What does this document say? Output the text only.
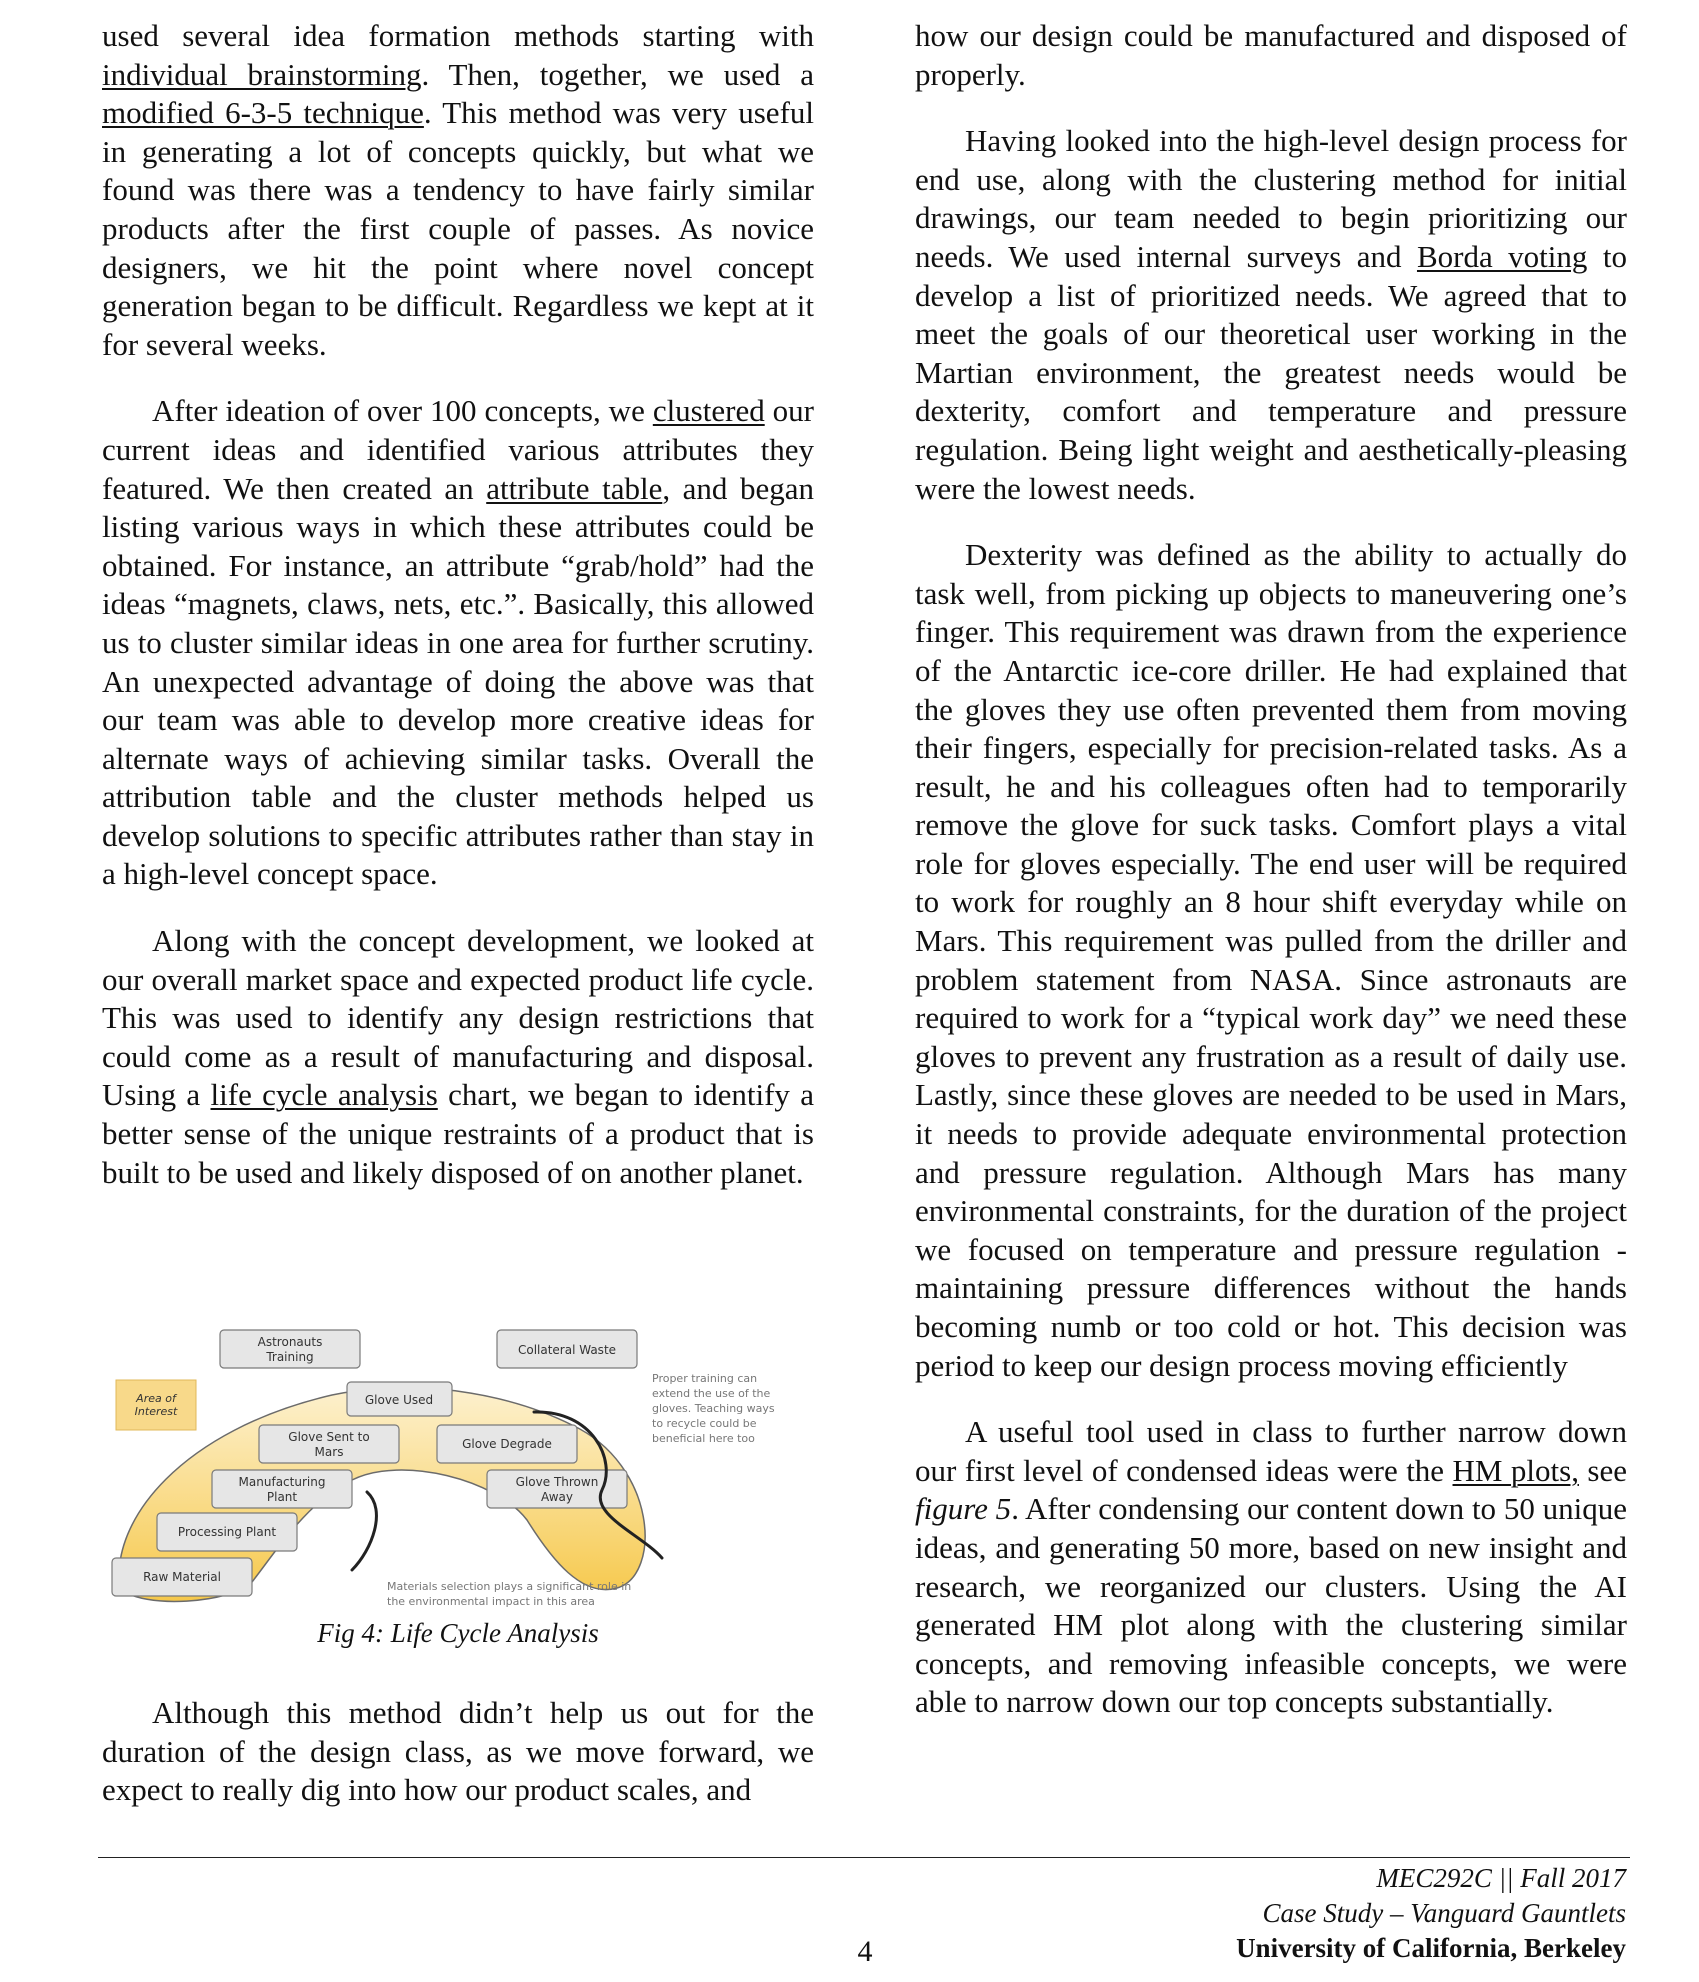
used several idea formation methods starting with individual brainstorming. Then, together, we used a modified 6-3-5 technique. This method was very useful in generating a lot of concepts quickly, but what we found was there was a tendency to have fairly similar products after the first couple of passes. As novice designers, we hit the point where novel concept generation began to be difficult. Regardless we kept at it for several weeks.

After ideation of over 100 concepts, we clustered our current ideas and identified various attributes they featured. We then created an attribute table, and began listing various ways in which these attributes could be obtained. For instance, an attribute “grab/hold” had the ideas “magnets, claws, nets, etc.”. Basically, this allowed us to cluster similar ideas in one area for further scrutiny. An unexpected advantage of doing the above was that our team was able to develop more creative ideas for alternate ways of achieving similar tasks. Overall the attribution table and the cluster methods helped us develop solutions to specific attributes rather than stay in a high-level concept space.

Along with the concept development, we looked at our overall market space and expected product life cycle. This was used to identify any design restrictions that could come as a result of manufacturing and disposal. Using a life cycle analysis chart, we began to identify a better sense of the unique restraints of a product that is built to be used and likely disposed of on another planet.

Area of
Interest
Astronauts
Training	Collateral Waste
Glove Used
Glove Sent to
Mars
Glove Degrade
Manufacturing
Plant
Glove Thrown
Away
Processing Plant
Raw Material
Proper training can
extend the use of the
gloves. Teaching ways
to recycle could be
beneficial here too
Materials selection plays a significant role in
the environmental impact in this area
Fig 4: Life Cycle Analysis

Although this method didn’t help us out for the duration of the design class, as we move forward, we expect to really dig into how our product scales, and

how our design could be manufactured and disposed of properly.

Having looked into the high-level design process for end use, along with the clustering method for initial drawings, our team needed to begin prioritizing our needs. We used internal surveys and Borda voting to develop a list of prioritized needs. We agreed that to meet the goals of our theoretical user working in the Martian environment, the greatest needs would be dexterity, comfort and temperature and pressure regulation. Being light weight and aesthetically-pleasing were the lowest needs.

Dexterity was defined as the ability to actually do task well, from picking up objects to maneuvering one’s finger. This requirement was drawn from the experience of the Antarctic ice-core driller. He had explained that the gloves they use often prevented them from moving their fingers, especially for precision-related tasks. As a result, he and his colleagues often had to temporarily remove the glove for suck tasks. Comfort plays a vital role for gloves especially. The end user will be required to work for roughly an 8 hour shift everyday while on Mars. This requirement was pulled from the driller and problem statement from NASA. Since astronauts are required to work for a “typical work day” we need these gloves to prevent any frustration as a result of daily use. Lastly, since these gloves are needed to be used in Mars, it needs to provide adequate environmental protection and pressure regulation. Although Mars has many environmental constraints, for the duration of the project we focused on temperature and pressure regulation - maintaining pressure differences without the hands becoming numb or too cold or hot. This decision was period to keep our design process moving efficiently

A useful tool used in class to further narrow down our first level of condensed ideas were the HM plots, see figure 5. After condensing our content down to 50 unique ideas, and generating 50 more, based on new insight and research, we reorganized our clusters. Using the AI generated HM plot along with the clustering similar concepts, and removing infeasible concepts, we were able to narrow down our top concepts substantially.

4
MEC292C || Fall 2017
Case Study – Vanguard Gauntlets
University of California, Berkeley
